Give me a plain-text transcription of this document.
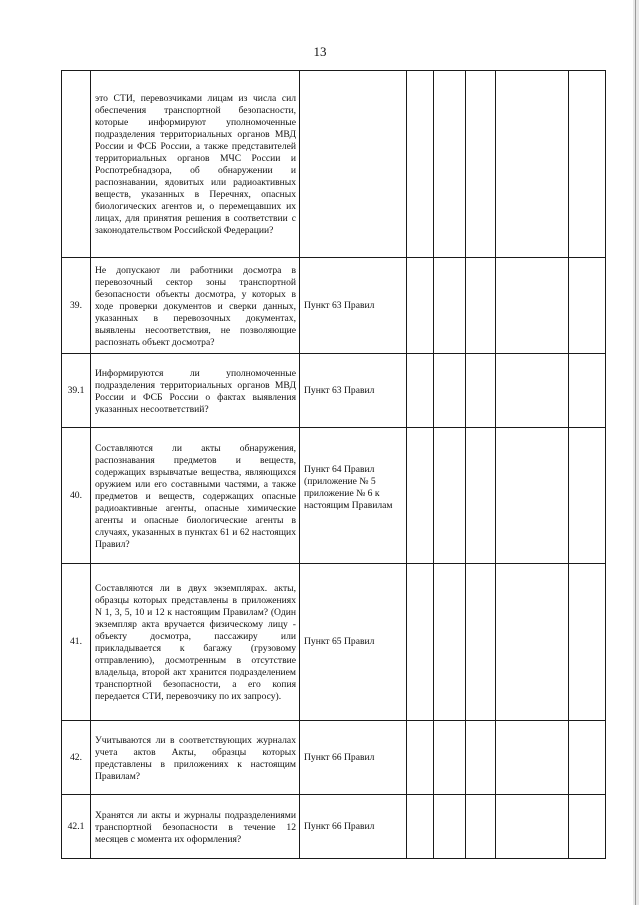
13
	это СТИ, перевозчиками лицам из числа сил обеспечения транспортной безопасности, которые информируют уполномоченные подразделения территориальных органов МВД России и ФСБ России, а также представителей территориальных органов МЧС России и Роспотребнадзора, об обнаружении и распознавании, ядовитых или радиоактивных веществ, указанных в Перечнях, опасных биологических агентов и, о перемещавших их лицах, для принятия решения в соответствии с законодательством Российской Федерации?						
39.	Не допускают ли работники досмотра в перевозочный сектор зоны транспортной безопасности объекты досмотра, у которых в ходе проверки документов и сверки данных, указанных в перевозочных документах, выявлены несоответствия, не позволяющие распознать объект досмотра?	Пункт 63 Правил					
39.1	Информируются ли уполномоченные подразделения территориальных органов МВД России и ФСБ России о фактах выявления указанных несоответствий?	Пункт 63 Правил					
40.	Составляются ли акты обнаружения, распознавания предметов и веществ, содержащих взрывчатые вещества, являющихся оружием или его составными частями, а также предметов и веществ, содержащих опасные радиоактивные агенты, опасные химические агенты и опасные биологические агенты в случаях, указанных в пунктах 61 и 62 настоящих Правил?	Пункт 64 Правил (приложение № 5 приложение № 6 к настоящим Правилам					
41.	Составляются ли в двух экземплярах. акты, образцы которых представлены в приложениях N 1, 3, 5, 10 и 12 к настоящим Правилам? (Один экземпляр акта вручается физическому лицу - объекту досмотра, пассажиру или прикладывается к багажу (грузовому отправлению), досмотренным в отсутствие владельца, второй акт хранится подразделением транспортной безопасности, а его копия передается СТИ, перевозчику по их запросу).	Пункт 65 Правил					
42.	Учитываются ли в соответствующих журналах учета актов Акты, образцы которых представлены в приложениях к настоящим Правилам?	Пункт 66 Правил					
42.1	Хранятся ли акты и журналы подразделениями транспортной безопасности в течение 12 месяцев с момента их оформления?	Пункт 66 Правил					
